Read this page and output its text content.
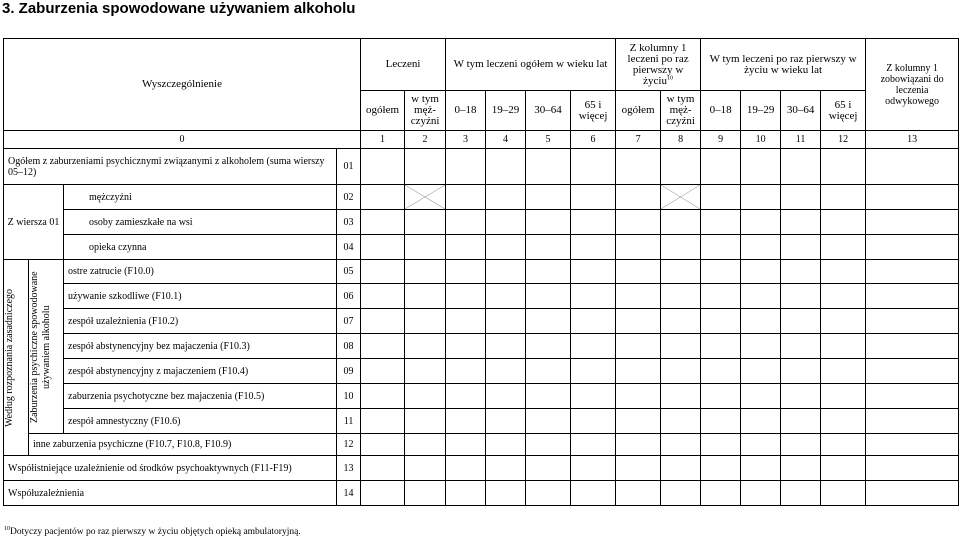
3. Zaburzenia spowodowane używaniem alkoholu
Wyszczególnienie				Leczeni		W tym leczeni ogółem w wieku lat				Z kolumny 1 leczeni po raz pierwszy w życiu$^{10}$		W tym leczeni po raz pierwszy w życiu w wieku lat				Z kolumny 1 zobowiązani do leczenia odwykowego
				ogółem	w tym męż-czyźni	0‒18	19‒29	30‒64	65 i więcej	ogółem	w tym męż-czyźni	0‒18	19‒29	30‒64	65 i więcej	
0				1	2	3	4	5	6	7	8	9	10	11	12	13
Ogółem z zaburzeniami psychicznymi związanymi z alkoholem (suma wierszy 05‒12)			01													
Z wiersza 01		mężczyźni	02		

		osoby zamieszkałe na wsi	03													
		opieka czynna	04													

Według rozpoznania zasadniczego	Zaburzenia psychiczne spowodowane używaniem alkoholu	ostre zatrucie (F10.0)	05													
		używanie szkodliwe (F10.1)	06													
		zespół uzależnienia (F10.2)	07													
		zespół abstynencyjny bez majaczenia (F10.3)	08													
		zespół abstynencyjny z majaczeniem (F10.4)	09													
		zaburzenia psychotyczne bez majaczenia (F10.5)	10													
		zespół amnestyczny (F10.6)	11													
	inne zaburzenia psychiczne (F10.7, F10.8, F10.9)		12													
Współistniejące uzależnienie od środków psychoaktywnych (F11-F19)			13													
Współuzależnienia			14													
$^{10}$Dotyczy pacjentów po raz pierwszy w życiu objętych opieką ambulatoryjną.
